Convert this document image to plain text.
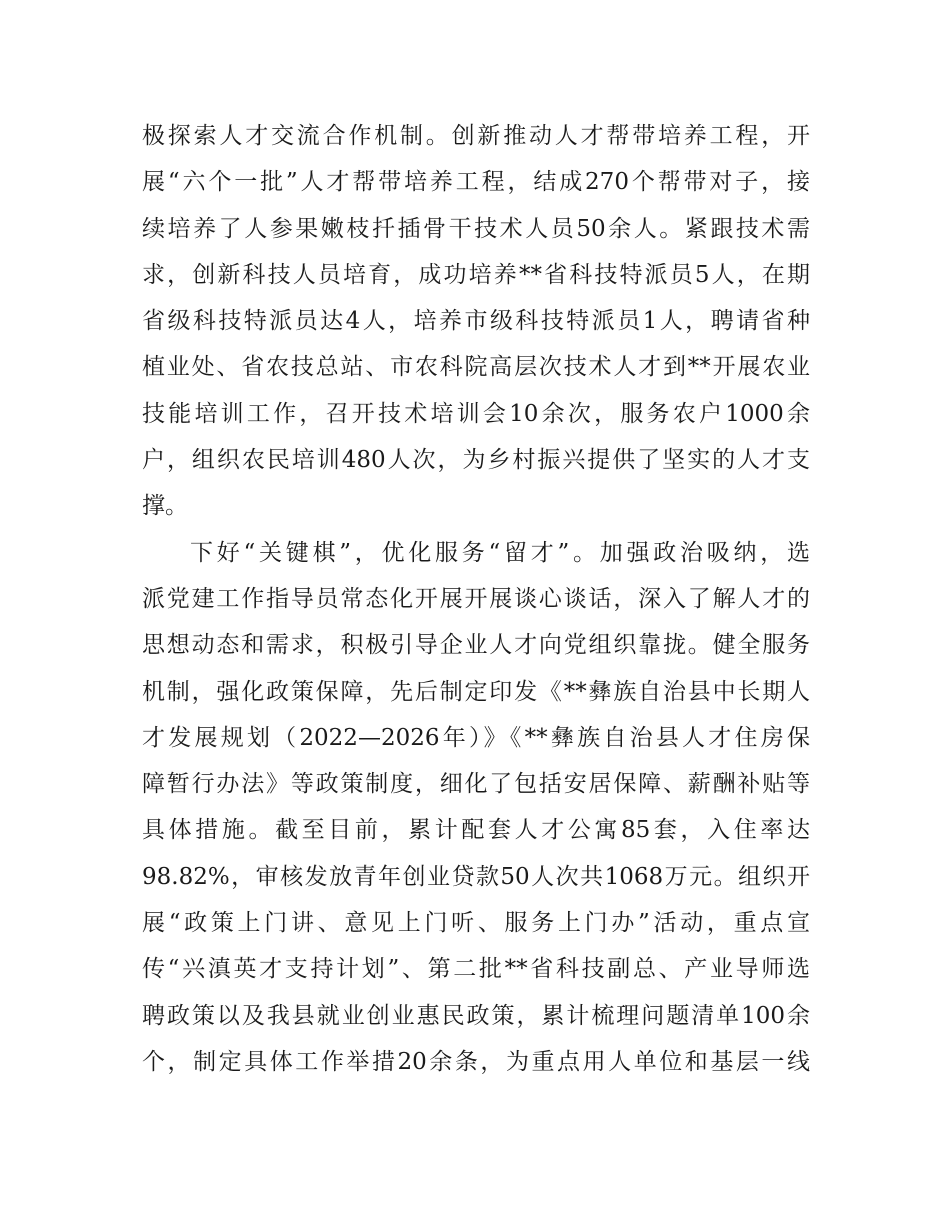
极探索人才交流合作机制。创新推动人才帮带培养工程，开
展“六个一批”人才帮带培养工程，结成270个帮带对子，接
续培养了人参果嫩枝扦插骨干技术人员50余人。紧跟技术需
求，创新科技人员培育，成功培养**省科技特派员5人，在期
省级科技特派员达4人，培养市级科技特派员1人，聘请省种
植业处、省农技总站、市农科院高层次技术人才到**开展农业
技能培训工作，召开技术培训会10余次，服务农户1000余
户，组织农民培训480人次，为乡村振兴提供了坚实的人才支
撑。
下好“关键棋”，优化服务“留才”。加强政治吸纳，选
派党建工作指导员常态化开展开展谈心谈话，深入了解人才的
思想动态和需求，积极引导企业人才向党组织靠拢。健全服务
机制，强化政策保障，先后制定印发《**彝族自治县中长期人
才发展规划（2022—2026年）》《**彝族自治县人才住房保
障暂行办法》等政策制度，细化了包括安居保障、薪酬补贴等
具体措施。截至目前，累计配套人才公寓85套，入住率达
98.82%，审核发放青年创业贷款50人次共1068万元。组织开
展“政策上门讲、意见上门听、服务上门办”活动，重点宣
传“兴滇英才支持计划”、第二批**省科技副总、产业导师选
聘政策以及我县就业创业惠民政策，累计梳理问题清单100余
个，制定具体工作举措20余条，为重点用人单位和基层一线
